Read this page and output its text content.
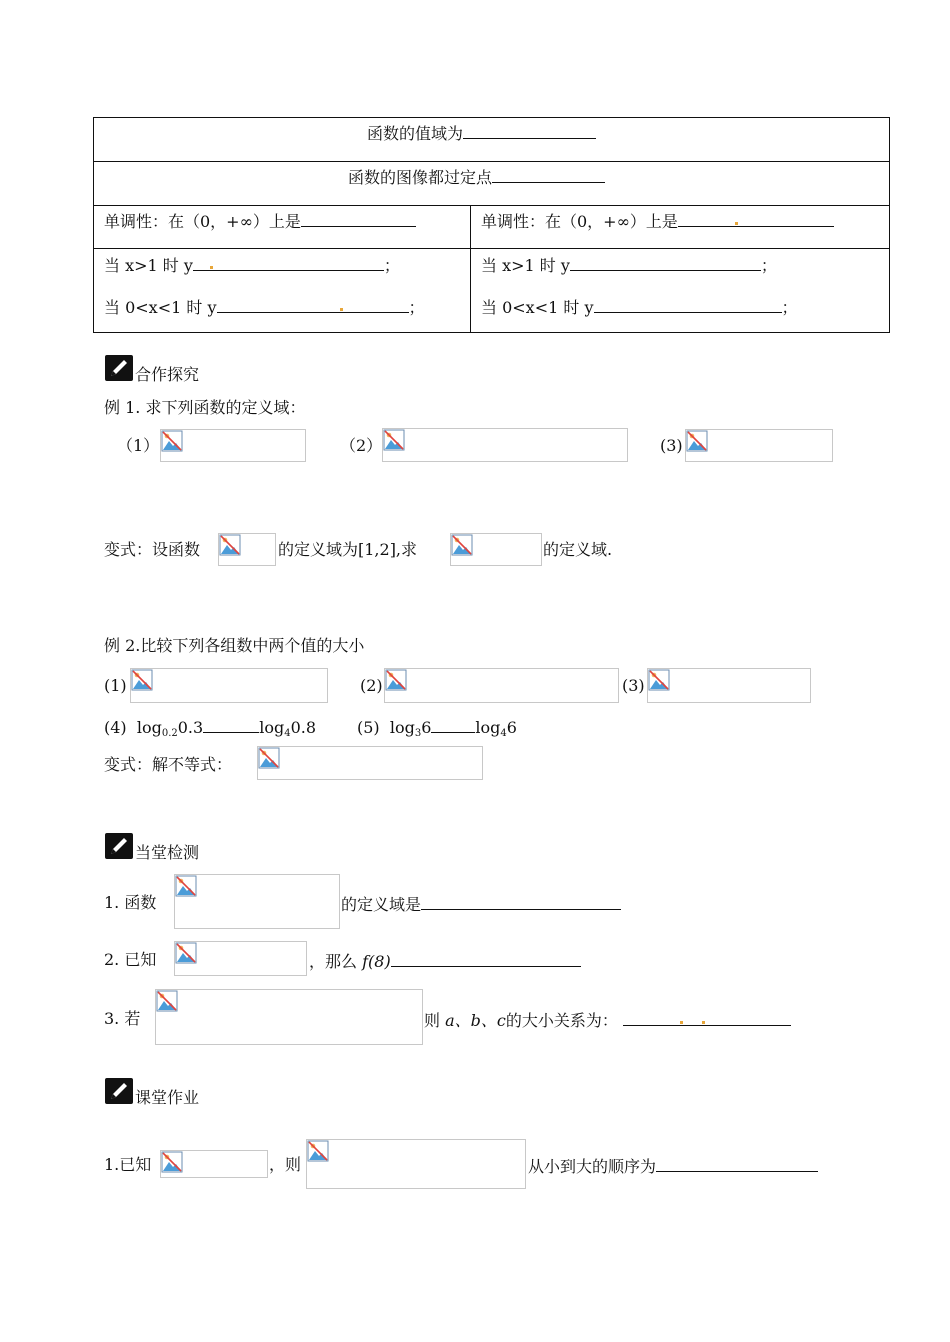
函数的值域为
函数的图像都过定点
单调性：在（0，+∞）上是	单调性：在（0，+∞）上是
当 x>1 时 y	；	当 x>1 时 y	；
当 0<x<1 时 y	；	当 0<x<1 时 y	；
合作探究
例 1. 求下列函数的定义域：
（1）	（2）	(3)
变式：设函数	的定义域为[1,2],求	的定义域.
例 2.比较下列各组数中两个值的大小
(1)	(2)	(3)
(4) $\log_{0.2}0.3$	$\log_40.8$	(5) $\log_36$	$\log_46$
变式：解不等式：
当堂检测
1. 函数	的定义域是
2. 已知	，那么 f(8)
3. 若	则 a、b、c的大小关系为：
课堂作业
1.已知	，则	从小到大的顺序为
